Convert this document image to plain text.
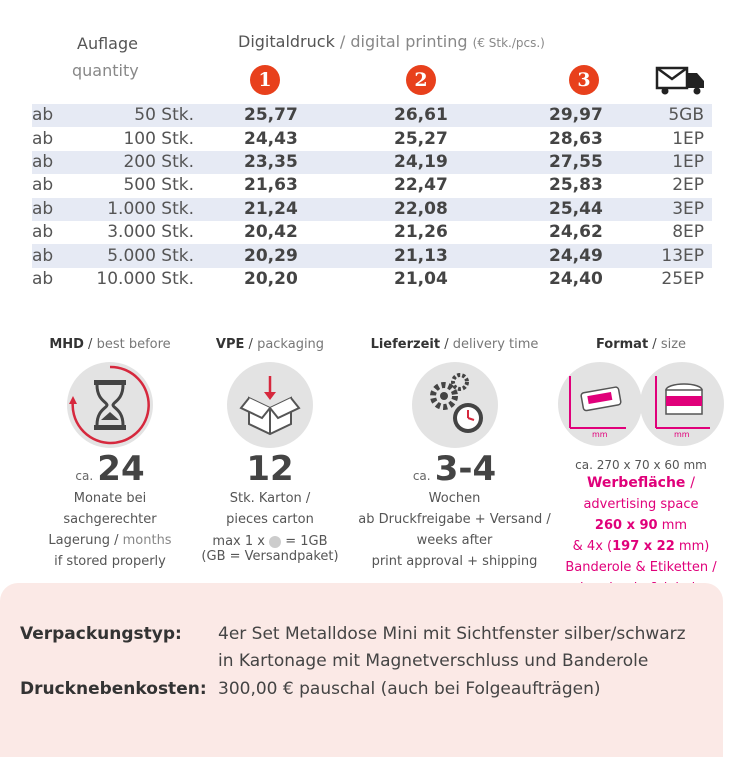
Auflage
quantity
Digitaldruck / digital printing (€ Stk./pcs.)
1	2	3
ab	50 Stk.	25,77	26,61	29,97	5GB
ab	100 Stk.	24,43	25,27	28,63	1EP
ab	200 Stk.	23,35	24,19	27,55	1EP
ab	500 Stk.	21,63	22,47	25,83	2EP
ab	1.000 Stk.	21,24	22,08	25,44	3EP
ab	3.000 Stk.	20,42	21,26	24,62	8EP
ab	5.000 Stk.	20,29	21,13	24,49	13EP
ab	10.000 Stk.	20,20	21,04	24,40	25EP
MHD / best before
ca. 24
Monate bei
sachgerechter
Lagerung / months
if stored properly
VPE / packaging
12
Stk. Karton /
pieces carton
max 1 x = 1GB
(GB = Versandpaket)
Lieferzeit / delivery time
ca. 3-4
Wochen
ab Druckfreigabe + Versand /
weeks after
print approval + shipping
Format / size
mm	mm
ca. 270 x 70 x 60 mm
Werbefläche /
advertising space
260 x 90 mm
& 4x (197 x 22 mm)
Banderole & Etiketten /
Verpackungstyp: 4er Set Metalldose Mini mit Sichtfenster silber/schwarz
in Kartonage mit Magnetverschluss und Banderole
Drucknebenkosten: 300,00 € pauschal (auch bei Folgeaufträgen)
